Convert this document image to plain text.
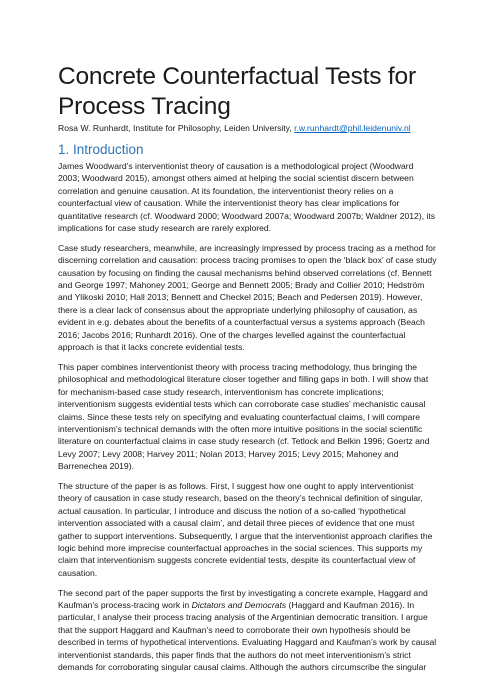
Concrete Counterfactual Tests for Process Tracing

Rosa W. Runhardt, Institute for Philosophy, Leiden University, r.w.runhardt@phil.leidenuniv.nl

1. Introduction

James Woodward’s interventionist theory of causation is a methodological project (Woodward 2003; Woodward 2015), amongst others aimed at helping the social scientist discern between correlation and genuine causation. At its foundation, the interventionist theory relies on a counterfactual view of causation. While the interventionist theory has clear implications for quantitative research (cf. Woodward 2000; Woodward 2007a; Woodward 2007b; Waldner 2012), its implications for case study research are rarely explored.

Case study researchers, meanwhile, are increasingly impressed by process tracing as a method for discerning correlation and causation: process tracing promises to open the ‘black box’ of case study causation by focusing on finding the causal mechanisms behind observed correlations (cf. Bennett and George 1997; Mahoney 2001; George and Bennett 2005; Brady and Collier 2010; Hedström and Ylikoski 2010; Hall 2013; Bennett and Checkel 2015; Beach and Pedersen 2019). However, there is a clear lack of consensus about the appropriate underlying philosophy of causation, as evident in e.g. debates about the benefits of a counterfactual versus a systems approach (Beach 2016; Jacobs 2016; Runhardt 2016). One of the charges levelled against the counterfactual approach is that it lacks concrete evidential tests.

This paper combines interventionist theory with process tracing methodology, thus bringing the philosophical and methodological literature closer together and filling gaps in both. I will show that for mechanism-based case study research, interventionism has concrete implications; interventionism suggests evidential tests which can corroborate case studies’ mechanistic causal claims. Since these tests rely on specifying and evaluating counterfactual claims, I will compare interventionism’s technical demands with the often more intuitive positions in the social scientific literature on counterfactual claims in case study research (cf. Tetlock and Belkin 1996; Goertz and Levy 2007; Levy 2008; Harvey 2011; Nolan 2013; Harvey 2015; Levy 2015; Mahoney and Barrenechea 2019).

The structure of the paper is as follows. First, I suggest how one ought to apply interventionist theory of causation in case study research, based on the theory’s technical definition of singular, actual causation. In particular, I introduce and discuss the notion of a so-called ‘hypothetical intervention associated with a causal claim’, and detail three pieces of evidence that one must gather to support interventions. Subsequently, I argue that the interventionist approach clarifies the logic behind more imprecise counterfactual approaches in the social sciences. This supports my claim that interventionism suggests concrete evidential tests, despite its counterfactual view of causation.

The second part of the paper supports the first by investigating a concrete example, Haggard and Kaufman’s process-tracing work in Dictators and Democrats (Haggard and Kaufman 2016). In particular, I analyse their process tracing analysis of the Argentinian democratic transition. I argue that the support Haggard and Kaufman’s need to corroborate their own hypothesis should be described in terms of hypothetical interventions. Evaluating Haggard and Kaufman’s work by causal interventionist standards, this paper finds that the authors do not meet interventionism’s strict demands for corroborating singular causal claims. Although the authors circumscribe the singular
